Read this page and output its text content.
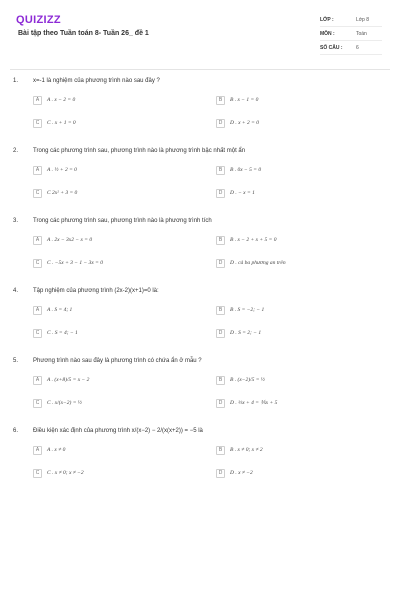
QUIZIZZ
Bài tập theo Tuần toán 8- Tuần 26_ đề 1
LỚP :	Lớp 8
MÔN :	Toán
SỐ CÂU :	6
1. x=-1 là nghiệm của phương trình nào sau đây ?
A	A . x − 2 = 0	B	B . x − 1 = 0
C	C . x + 1 = 0	D	D . x + 2 = 0
2. Trong các phương trình sau, phương trình nào là phương trình bậc nhất một ẩn
A	A . ½ + 2 = 0	B	B . 0x − 5 = 0
C	C 2x² + 3 = 0	D	D . − x = 1
3. Trong các phương trình sau, phương trình nào là phương trình tích
A	A . 2x − 3x2 − x = 0	B	B . x − 2 + x + 5 = 0
C	C . −5x + 3 − 1 − 3x = 0	D	D . cả ba phương an trên
4. Tập nghiệm của phương trình (2x-2)(x+1)=0 là:
A	A . S = 4; 1	B	B . S = −2; − 1
C	C . S = 4; − 1	D	D . S = 2; − 1
5. Phương trình nào sau đây là phương trình có chứa ẩn ở mẫu ?
A	A . (x+8)/5 = x − 2	B	B . (x−2)/5 = ½
C	C . x/(x−2) = ½	D	D . ⅓x + 4 = ⅕x + 5
6. Điều kiện xác định của phương trình x/(x−2) − 2/(x(x+2)) = −5 là
A	A . x ≠ 0	B	B . x ≠ 0; x ≠ 2
C	C . x ≠ 0; x ≠ −2	D	D . x ≠ −2
